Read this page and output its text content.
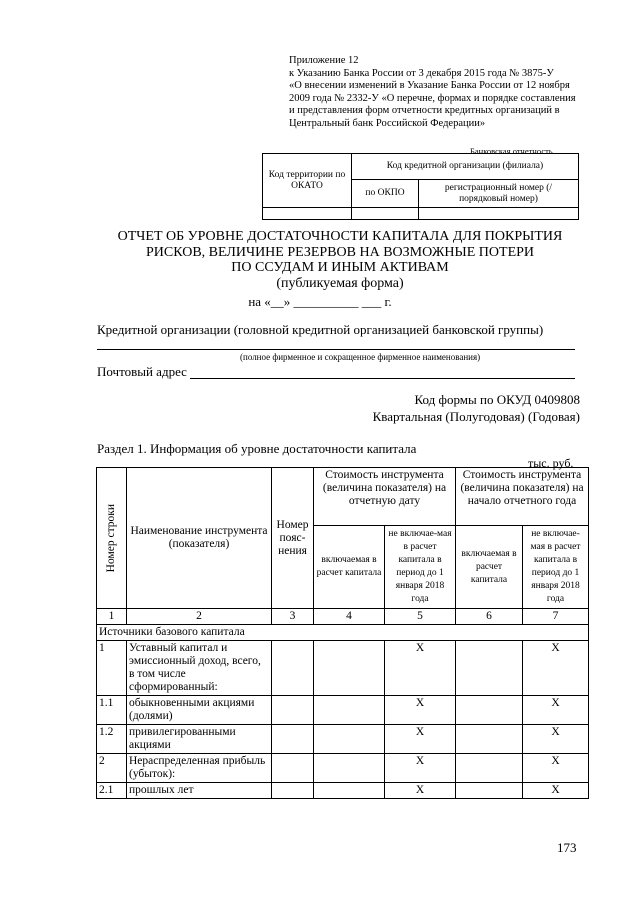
Приложение 12
к Указанию Банка России от 3 декабря 2015 года № 3875-У
«О внесении изменений в Указание Банка России от 12 ноября
2009 года № 2332-У «О перечне, формах и порядке составления
и представления форм отчетности кредитных организаций в
Центральный банк Российской Федерации»
Банковская отчетность
Код территории по ОКАТО	Код кредитной организации (филиала)	
	по ОКПО	регистрационный номер (/порядковый номер)

ОТЧЕТ ОБ УРОВНЕ ДОСТАТОЧНОСТИ КАПИТАЛА ДЛЯ ПОКРЫТИЯ
РИСКОВ, ВЕЛИЧИНЕ РЕЗЕРВОВ НА ВОЗМОЖНЫЕ ПОТЕРИ
ПО ССУДАМ И ИНЫМ АКТИВАМ
(публикуемая форма)
на «__» __________ ___ г.
Кредитной организации (головной кредитной организацией банковской группы)
(полное фирменное и сокращенное фирменное наименования)
Почтовый адрес
Код формы по ОКУД 0409808
Квартальная (Полугодовая) (Годовая)
Раздел 1. Информация об уровне достаточности капитала
тыс. руб.
Номер строки	Наименование инструмента (показателя)	Номер пояс-нения	Стоимость инструмента (величина показателя) на отчетную дату		Стоимость инструмента (величина показателя) на начало отчетного года	
			включаемая в расчет капитала	не включае-мая в расчет капитала в период до 1 января 2018 года	включаемая в расчет капитала	не включае-мая в расчет капитала в период до 1 января 2018 года
1	2	3	4	5	6	7
Источники базового капитала						
1	Уставный капитал и эмиссионный доход, всего, в том числе сформированный:			X		X
1.1	обыкновенными акциями (долями)			X		X
1.2	привилегированными акциями			X		X
2	Нераспределенная прибыль (убыток):			X		X
2.1	прошлых лет			X		X
173
